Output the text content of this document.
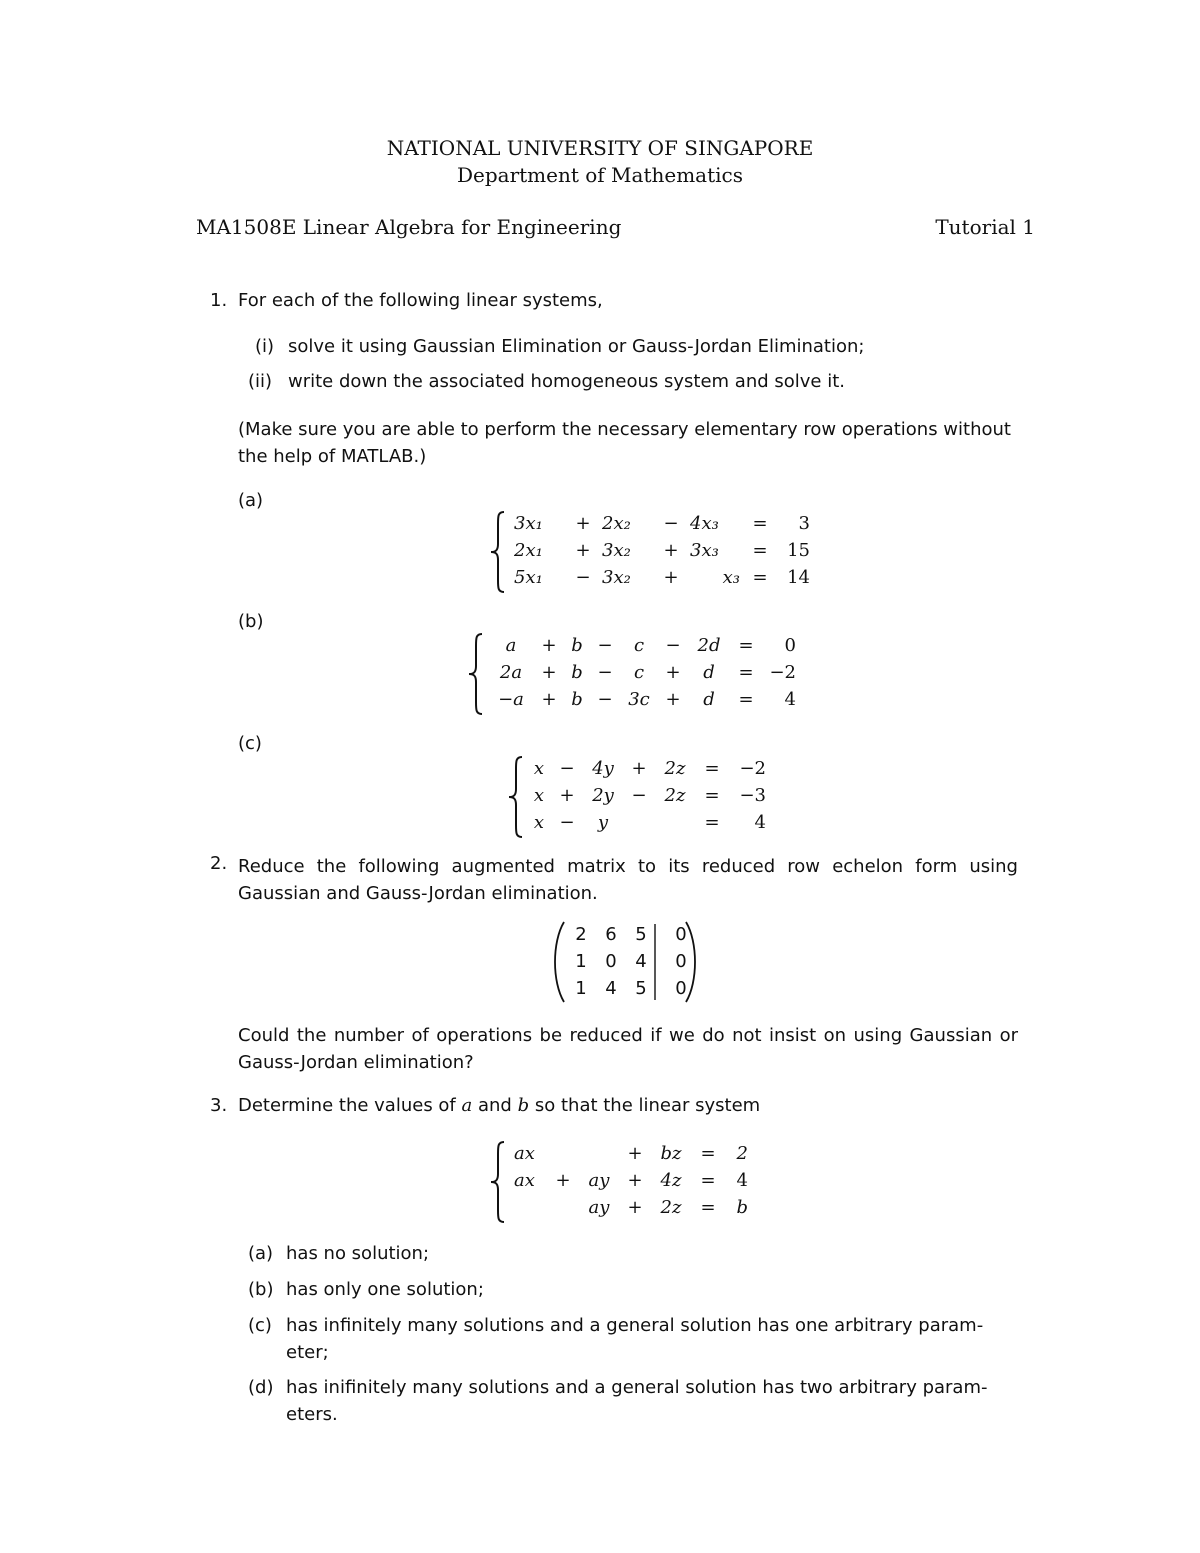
NATIONAL UNIVERSITY OF SINGAPORE
Department of Mathematics
MA1508E Linear Algebra for Engineering	Tutorial 1
1. For each of the following linear systems,
(i) solve it using Gaussian Elimination or Gauss-Jordan Elimination;
(ii) write down the associated homogeneous system and solve it.
(Make sure you are able to perform the necessary elementary row operations without the help of MATLAB.)
(a)
(b)
(c)
3x₁	+	2x₂	−	4x₃	=	3
2x₁	+	3x₂	+	3x₃	=	15
5x₁	−	3x₂	+	x₃	=	14
a	+	b	−	c	−	2d	=	0
2a	+	b	−	c	+	d	=	−2
−a	+	b	−	3c	+	d	=	4
x	−	4y	+	2z	=	−2
x	+	2y	−	2z	=	−3
x	−	y			=	4
2. Reduce the following augmented matrix to its reduced row echelon form using Gaussian and Gauss-Jordan elimination.
2	6	5	0
1	0	4	0
1	4	5	0
Could the number of operations be reduced if we do not insist on using Gaussian or Gauss-Jordan elimination?
3. Determine the values of a and b so that the linear system
ax			+	bz	=	2
ax	+	ay	+	4z	=	4
		ay	+	2z	=	b
(a) has no solution;
(b) has only one solution;
(c) has infinitely many solutions and a general solution has one arbitrary param-
eter;
(d) has inifinitely many solutions and a general solution has two arbitrary param-
eters.
